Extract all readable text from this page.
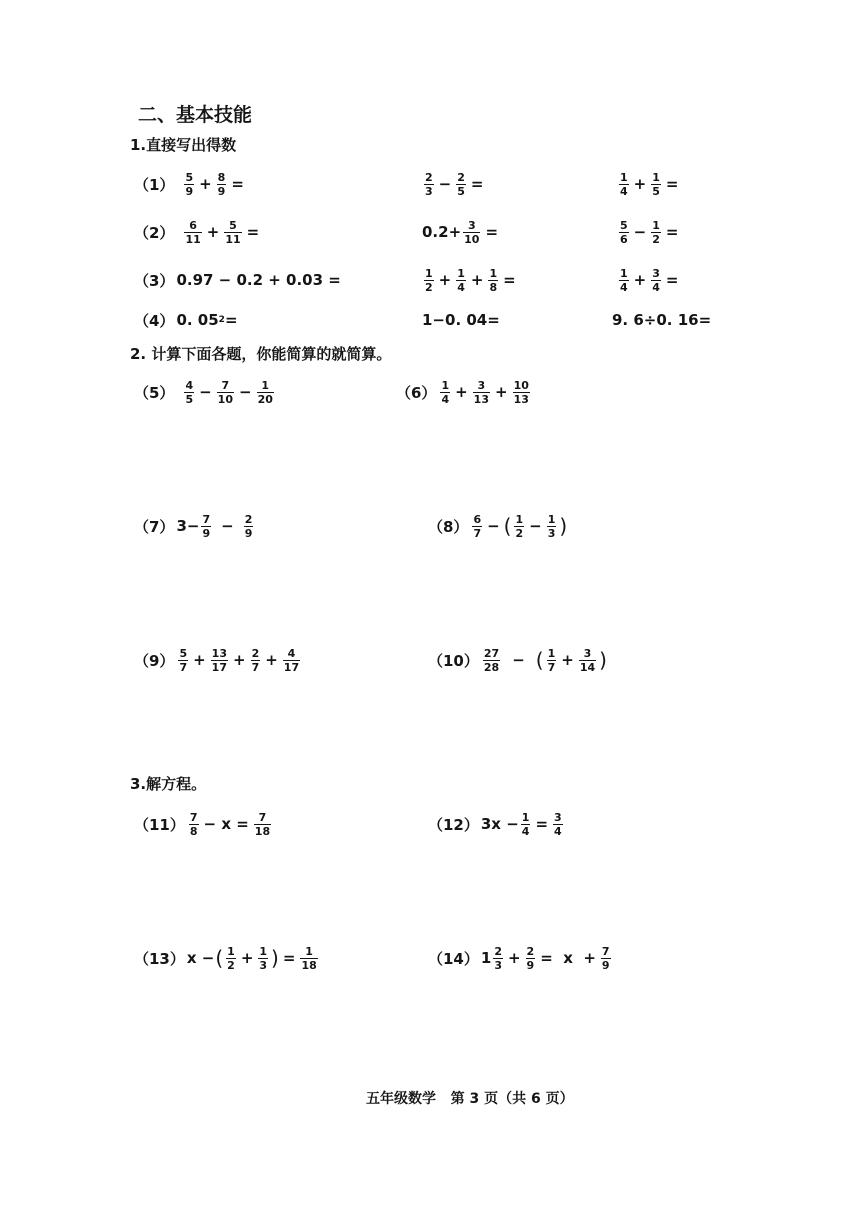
二、基本技能
1.直接写出得数
$(1) \frac{5}{9} + \frac{8}{9}$ =	$\frac{2}{3} - \frac{2}{5}$ =	$\frac{1}{4} + \frac{1}{5}$ =
$(2) \frac{6}{11} + \frac{5}{11}$ =	$0.2+ \frac{3}{10}$ =	$\frac{5}{6} - \frac{1}{2}$ =
（3） 0.97 − 0.2 + 0.03 =	$\frac{1}{2} + \frac{1}{4} + \frac{1}{8}$ =	$\frac{1}{4} + \frac{3}{4}$ =
（4） 0. 05 2 =	1−0. 04=	9. 6÷0. 16=
2. 计算下面各题，你能简算的就简算。
$(5) \frac{4}{5} - \frac{7}{10} - \frac{1}{20}$	$(6) \frac{1}{4} + \frac{3}{13} + \frac{10}{13}$
（7） $3- \frac{7}{9} - \frac{2}{9}$	$(8) \frac{6}{7}$ − ( $\frac{1}{2} - \frac{1}{3}$ )
$(9) \frac{5}{7} + \frac{13}{17} + \frac{2}{7} + \frac{4}{17}$	$(10) \frac{27}{28}$ − ( $\frac{1}{7} + \frac{3}{14}$ )
3.解方程。
$(11) \frac{7}{8} - x = \frac{7}{18}$	（12） $3x - \frac{1}{4} = \frac{3}{4}$
（13） x − ( $\frac{1}{2} + \frac{1}{3}$ ) = $\frac{1}{18}$	（14） $1 \frac{2}{3} + \frac{2}{9} = x + \frac{7}{9}$
五年级数学   第 3 页（共 6 页）
